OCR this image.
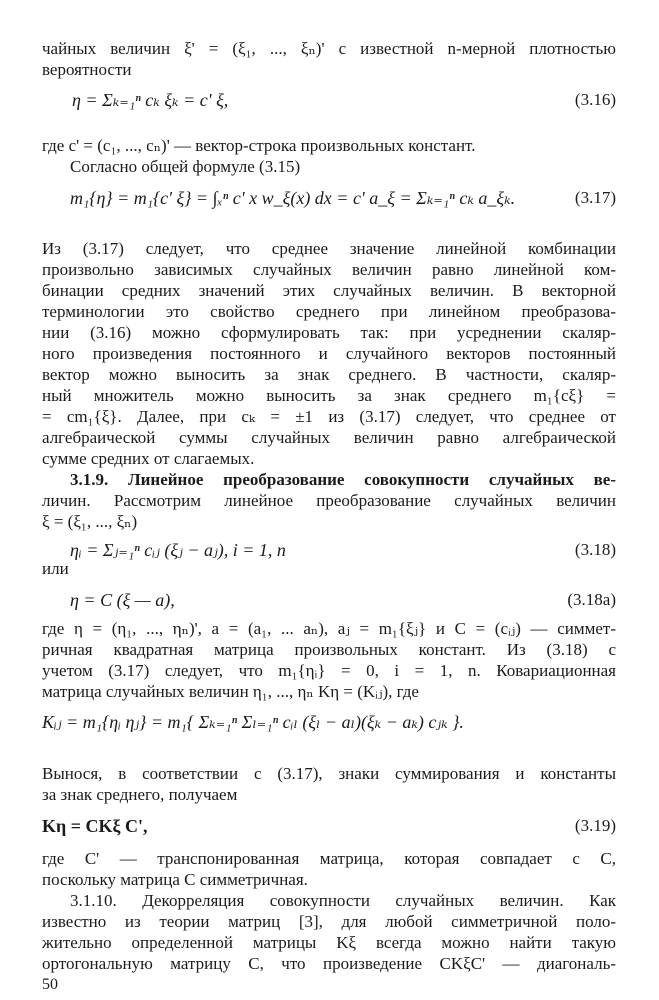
чайных величин ξ' = (ξ₁, ..., ξₙ)' с известной n-мерной плотностью
вероятности
η = Σₖ₌₁ⁿ cₖ ξₖ = c' ξ,	(3.16)
где c' = (c₁, ..., cₙ)' — вектор-строка произвольных констант.
Согласно общей формуле (3.15)
m₁{η} = m₁{c' ξ} = ∫ₓⁿ c' x w_ξ(x) dx = c' a_ξ = Σₖ₌₁ⁿ cₖ a_ξₖ.	(3.17)
Из (3.17) следует, что среднее значение линейной комбинации
произвольно зависимых случайных величин равно линейной ком-
бинации средних значений этих случайных величин. В векторной
терминологии это свойство среднего при линейном преобразова-
нии (3.16) можно сформулировать так: при усреднении скаляр-
ного произведения постоянного и случайного векторов постоянный
вектор можно выносить за знак среднего. В частности, скаляр-
ный множитель можно выносить за знак среднего m₁{cξ} =
= cm₁{ξ}. Далее, при cₖ = ±1 из (3.17) следует, что среднее от
алгебраической суммы случайных величин равно алгебраической
сумме средних от слагаемых.
3.1.9. Линейное преобразование совокупности случайных ве-
личин. Рассмотрим линейное преобразование случайных величин
ξ = (ξ₁, ..., ξₙ)
ηᵢ = Σⱼ₌₁ⁿ cᵢⱼ (ξⱼ − aⱼ), i = 1, n	(3.18)
или
η = C (ξ — a),	(3.18a)
где η = (η₁, ..., ηₙ)', a = (a₁, ... aₙ), aⱼ = m₁{ξⱼ} и C = (cᵢⱼ) — симмет-
ричная квадратная матрица произвольных констант. Из (3.18) с
учетом (3.17) следует, что m₁{ηᵢ} = 0, i = 1, n. Ковариационная
матрица случайных величин η₁, ..., ηₙ Kη = (Kᵢⱼ), где
Kᵢⱼ = m₁{ηᵢ ηⱼ} = m₁{ Σₖ₌₁ⁿ Σₗ₌₁ⁿ cᵢₗ (ξₗ − aₗ)(ξₖ − aₖ) cⱼₖ }.
Вынося, в соответствии с (3.17), знаки суммирования и константы
за знак среднего, получаем
Kη = CKξ C',	(3.19)
где C' — транспонированная матрица, которая совпадает с C,
поскольку матрица C симметричная.
3.1.10. Декорреляция совокупности случайных величин. Как
известно из теории матриц [3], для любой симметричной поло-
жительно определенной матрицы Kξ всегда можно найти такую
ортогональную матрицу C, что произведение CKξC' — диагональ-
50
